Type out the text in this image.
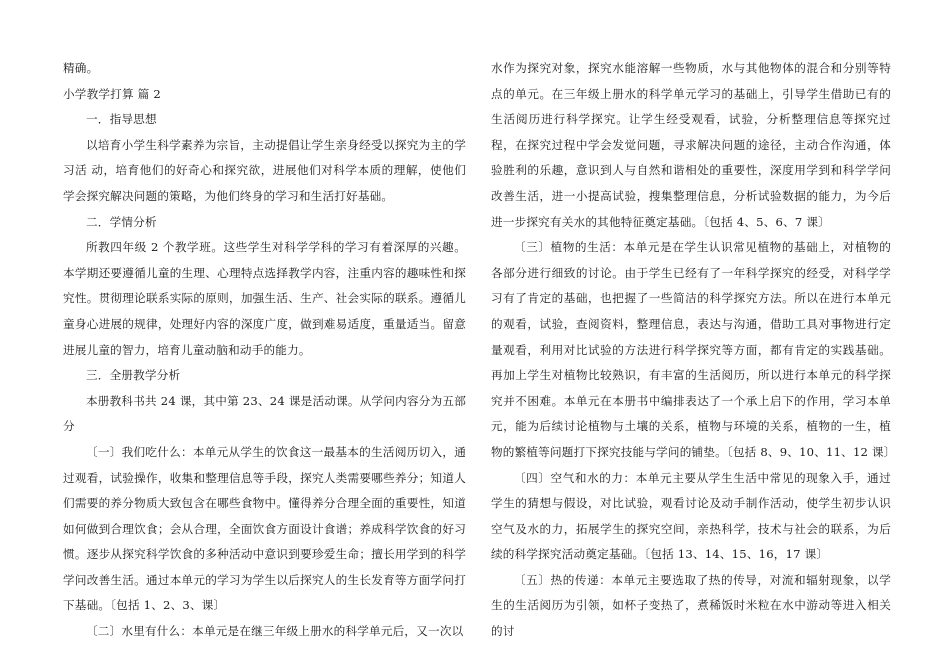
精确。

小学教学打算 篇 2

一．指导思想

以培育小学生科学素养为宗旨，主动提倡让学生亲身经受以探究为主的学习活 动，培育他们的好奇心和探究欲，进展他们对科学本质的理解，使他们学会探究解决问题的策略，为他们终身的学习和生活打好基础。

二．学情分析

所教四年级 2 个教学班。这些学生对科学学科的学习有着深厚的兴趣。本学期还要遵循儿童的生理、心理特点选择教学内容，注重内容的趣味性和探究性。贯彻理论联系实际的原则，加强生活、生产、社会实际的联系。遵循儿童身心进展的规律，处理好内容的深度广度，做到难易适度，重量适当。留意进展儿童的智力，培育儿童动脑和动手的能力。

三．全册教学分析

本册教科书共 24 课，其中第 23、24 课是活动课。从学问内容分为五部分

〔一〕我们吃什么：本单元从学生的饮食这一最基本的生活阅历切入，通过观看，试验操作，收集和整理信息等手段，探究人类需要哪些养分；知道人们需要的养分物质大致包含在哪些食物中。懂得养分合理全面的重要性，知道如何做到合理饮食；会从合理，全面饮食方面设计食谱；养成科学饮食的好习惯。逐步从探究科学饮食的多种活动中意识到要珍爱生命；擅长用学到的科学学问改善生活。通过本单元的学习为学生以后探究人的生长发育等方面学问打下基础。〔包括 1、2、3、课〕

〔二〕水里有什么：本单元是在继三年级上册水的科学单元后，又一次以

水作为探究对象，探究水能溶解一些物质，水与其他物体的混合和分别等特点的单元。在三年级上册水的科学单元学习的基础上，引导学生借助已有的生活阅历进行科学探究。让学生经受观看，试验，分析整理信息等探究过程，在探究过程中学会发觉问题，寻求解决问题的途径，主动合作沟通，体验胜利的乐趣，意识到人与自然和谐相处的重要性，深度用学到和科学学问改善生活，进一小提高试验，搜集整理信息，分析试验数据的能力，为今后进一步探究有关水的其他特征奠定基础。〔包括 4、5、6、7 课〕

〔三〕植物的生活：本单元是在学生认识常见植物的基础上，对植物的各部分进行细致的讨论。由于学生已经有了一年科学探究的经受，对科学学习有了肯定的基础，也把握了一些简洁的科学探究方法。所以在进行本单元的观看，试验，查阅资料，整理信息，表达与沟通，借助工具对事物进行定量观看，利用对比试验的方法进行科学探究等方面，都有肯定的实践基础。再加上学生对植物比较熟识，有丰富的生活阅历，所以进行本单元的科学探究并不困难。本单元在本册书中编排表达了一个承上启下的作用，学习本单元，能为后续讨论植物与土壤的关系，植物与环境的关系，植物的一生，植物的繁植等问题打下探究技能与学问的铺垫。〔包括 8、9、10、11、12 课〕

〔四〕空气和水的力：本单元主要从学生生活中常见的现象入手，通过学生的猜想与假设，对比试验，观看讨论及动手制作活动，使学生初步认识空气及水的力，拓展学生的探究空间，亲热科学，技术与社会的联系，为后续的科学探究活动奠定基础。〔包括 13、14、15、16，17 课〕

〔五〕热的传递：本单元主要选取了热的传导，对流和辐射现象，以学生的生活阅历为引领，如杯子变热了，煮稀饭时米粒在水中游动等进入相关的讨
